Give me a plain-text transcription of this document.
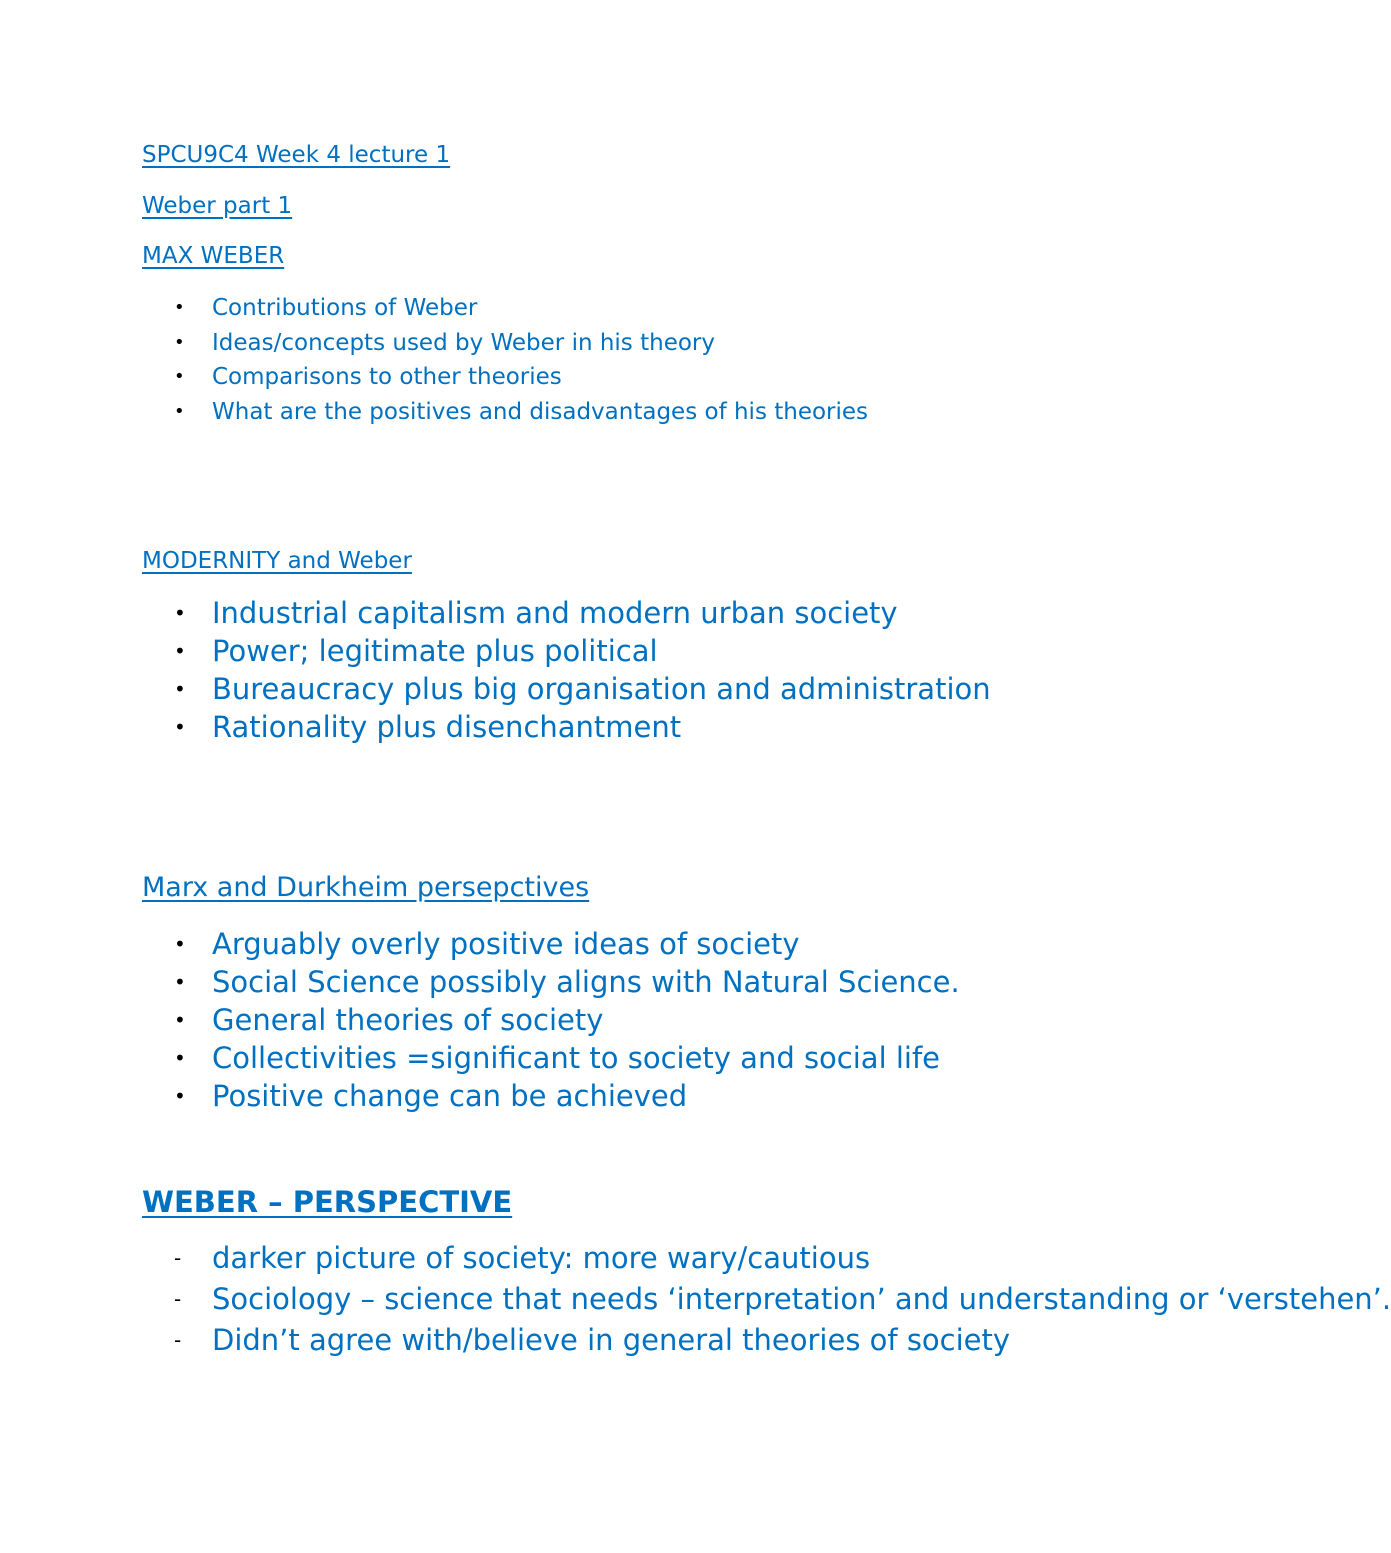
SPCU9C4 Week 4 lecture 1
Weber part 1
MAX WEBER
• Contributions of Weber
• Ideas/concepts used by Weber in his theory
• Comparisons to other theories
• What are the positives and disadvantages of his theories
MODERNITY and Weber
• Industrial capitalism and modern urban society
• Power; legitimate plus political
• Bureaucracy plus big organisation and administration
• Rationality plus disenchantment
Marx and Durkheim persepctives
• Arguably overly positive ideas of society
• Social Science possibly aligns with Natural Science.
• General theories of society
• Collectivities =significant to society and social life
• Positive change can be achieved
WEBER – PERSPECTIVE
- darker picture of society: more wary/cautious
- Sociology – science that needs ‘interpretation’ and understanding or ‘verstehen’.
- Didn’t agree with/believe in general theories of society
